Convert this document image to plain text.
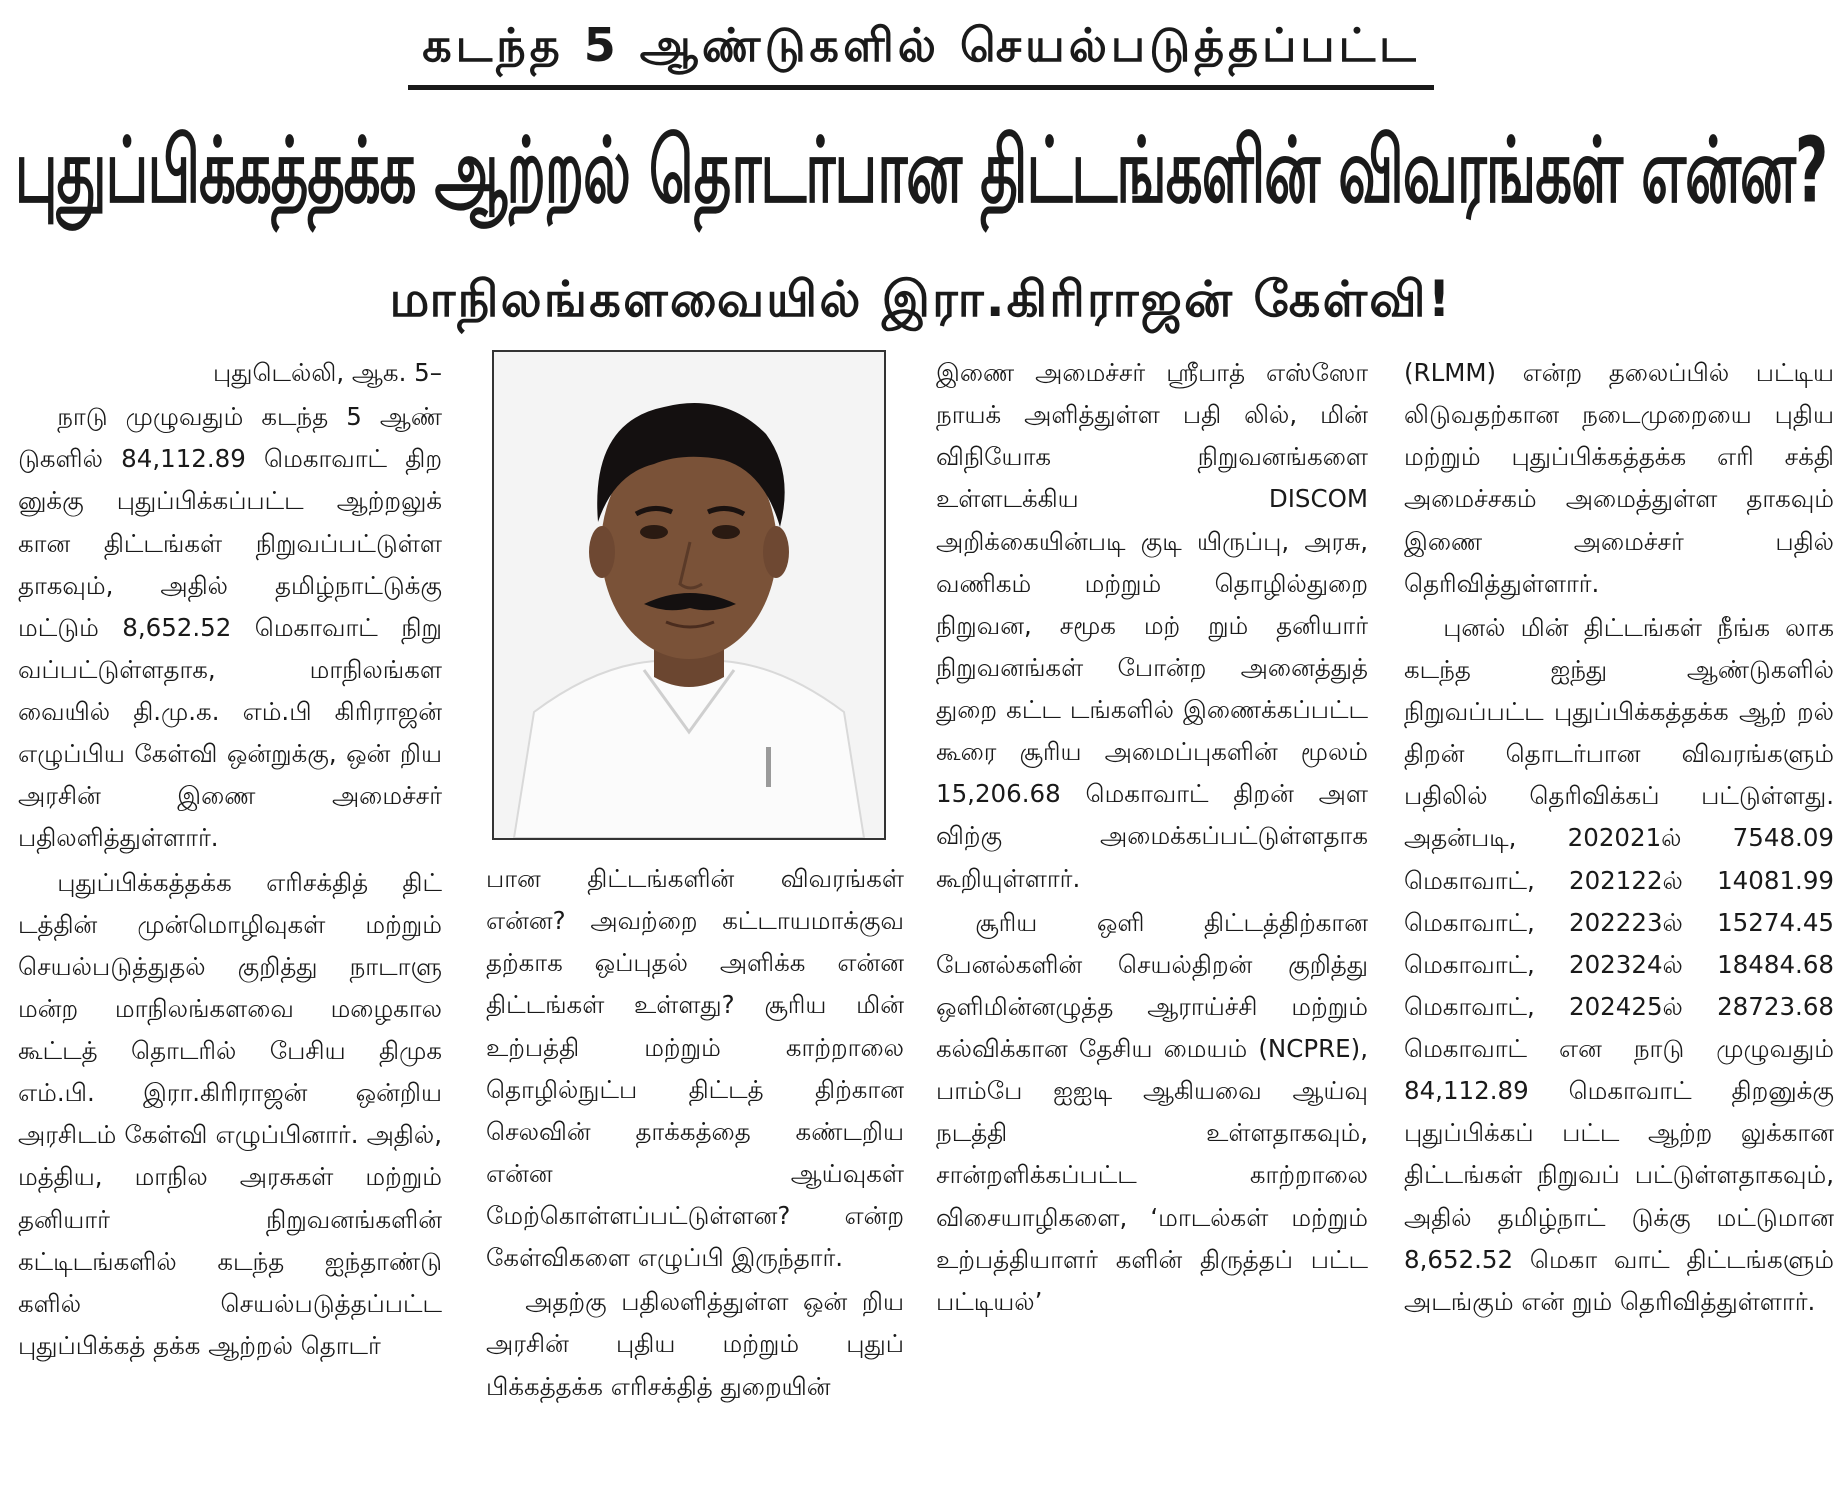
கடந்த 5 ஆண்டுகளில் செயல்படுத்தப்பட்ட
புதுப்பிக்கத்தக்க ஆற்றல் தொடர்பான திட்டங்களின் விவரங்கள் என்ன?
மாநிலங்களவையில் இரா.கிரிராஜன் கேள்வி!

புதுடெல்லி, ஆக. 5–

நாடு முழுவதும் கடந்த 5 ஆண் டுகளில் 84,112.89 மெகாவாட் திற னுக்கு புதுப்பிக்கப்பட்ட ஆற்றலுக் கான திட்டங்கள் நிறுவப்பட்டுள்ள தாகவும், அதில் தமிழ்நாட்டுக்கு மட்டும் 8,652.52 மெகாவாட் நிறு வப்பட்டுள்ளதாக, மாநிலங்கள வையில் தி.மு.க. எம்.பி கிரிராஜன் எழுப்பிய கேள்வி ஒன்றுக்கு, ஒன் றிய அரசின் இணை அமைச்சர் பதிலளித்துள்ளார்.

புதுப்பிக்கத்தக்க எரிசக்தித் திட் டத்தின் முன்மொழிவுகள் மற்றும் செயல்படுத்துதல் குறித்து நாடாளு மன்ற மாநிலங்களவை மழைகால கூட்டத் தொடரில் பேசிய திமுக எம்.பி. இரா.கிரிராஜன் ஒன்றிய அரசிடம் கேள்வி எழுப்பினார். அதில், மத்திய, மாநில அரசுகள் மற்றும் தனியார் நிறுவனங்களின் கட்டிடங்களில் கடந்த ஐந்தாண்டு களில் செயல்படுத்தப்பட்ட புதுப்பிக்கத் தக்க ஆற்றல் தொடர்

பான திட்டங்களின் விவரங்கள் என்ன? அவற்றை கட்டாயமாக்குவ தற்காக ஒப்புதல் அளிக்க என்ன திட்டங்கள் உள்ளது? சூரிய மின் உற்பத்தி மற்றும் காற்றாலை தொழில்நுட்ப திட்டத் திற்கான செலவின் தாக்கத்தை கண்டறிய என்ன ஆய்வுகள் மேற்கொள்ளப்பட்டுள்ளன? என்ற கேள்விகளை எழுப்பி இருந்தார்.

அதற்கு பதிலளித்துள்ள ஒன் றிய அரசின் புதிய மற்றும் புதுப் பிக்கத்தக்க எரிசக்தித் துறையின்

இணை அமைச்சர் ஸ்ரீபாத் எஸ்ஸோ நாயக் அளித்துள்ள பதி லில், மின் விநியோக நிறுவனங்களை உள்ளடக்கிய DISCOM அறிக்கையின்படி குடி யிருப்பு, அரசு, வணிகம் மற்றும் தொழில்துறை நிறுவன, சமூக மற் றும் தனியார் நிறுவனங்கள் போன்ற அனைத்துத் துறை கட்ட டங்களில் இணைக்கப்பட்ட கூரை சூரிய அமைப்புகளின் மூலம் 15,206.68 மெகாவாட் திறன் அள விற்கு அமைக்கப்பட்டுள்ளதாக கூறியுள்ளார்.

சூரிய ஒளி திட்டத்திற்கான பேனல்களின் செயல்திறன் குறித்து ஒளிமின்னழுத்த ஆராய்ச்சி மற்றும் கல்விக்கான தேசிய மையம் (NCPRE), பாம்பே ஐஐடி ஆகியவை ஆய்வு நடத்தி உள்ளதாகவும், சான்றளிக்கப்பட்ட காற்றாலை விசையாழிகளை, ‘மாடல்கள் மற்றும் உற்பத்தியாளர் களின் திருத்தப் பட்ட பட்டியல்’

(RLMM) என்ற தலைப்பில் பட்டிய லிடுவதற்கான நடைமுறையை புதிய மற்றும் புதுப்பிக்கத்தக்க எரி சக்தி அமைச்சகம் அமைத்துள்ள தாகவும் இணை அமைச்சர் பதில் தெரிவித்துள்ளார்.

புனல் மின் திட்டங்கள் நீங்க லாக கடந்த ஐந்து ஆண்டுகளில் நிறுவப்பட்ட புதுப்பிக்கத்தக்க ஆற் றல் திறன் தொடர்பான விவரங்களும் பதிலில் தெரிவிக்கப் பட்டுள்ளது. அதன்படி, 202021ல் 7548.09 மெகாவாட், 202122ல் 14081.99 மெகாவாட், 202223ல் 15274.45 மெகாவாட், 202324ல் 18484.68 மெகாவாட், 202425ல் 28723.68 மெகாவாட் என நாடு முழுவதும் 84,112.89 மெகாவாட் திறனுக்கு புதுப்பிக்கப் பட்ட ஆற்ற லுக்கான திட்டங்கள் நிறுவப் பட்டுள்ளதாகவும், அதில் தமிழ்நாட் டுக்கு மட்டுமான 8,652.52 மெகா வாட் திட்டங்களும் அடங்கும் என் றும் தெரிவித்துள்ளார்.
